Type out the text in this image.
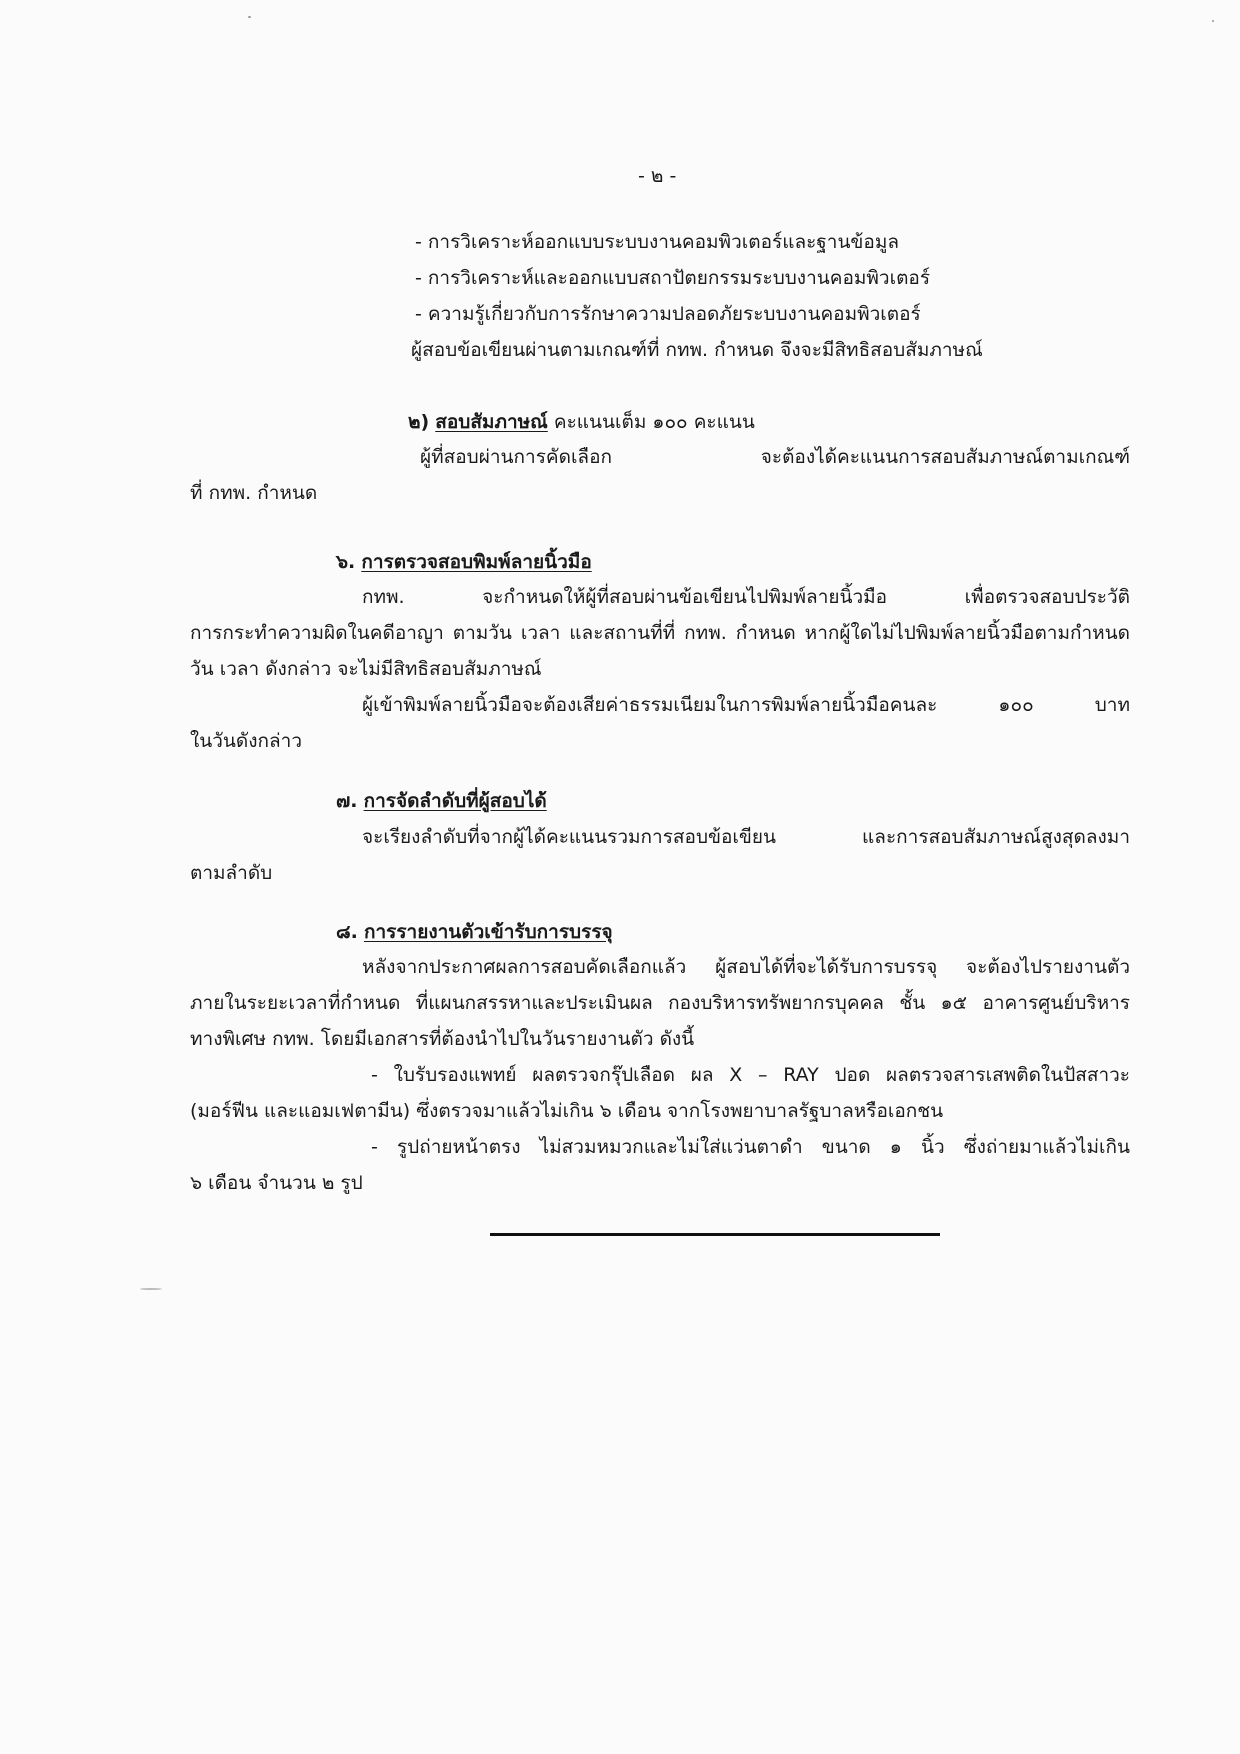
- ๒ -
- การวิเคราะห์ออกแบบระบบงานคอมพิวเตอร์และฐานข้อมูล
- การวิเคราะห์และออกแบบสถาปัตยกรรมระบบงานคอมพิวเตอร์
- ความรู้เกี่ยวกับการรักษาความปลอดภัยระบบงานคอมพิวเตอร์
ผู้สอบข้อเขียนผ่านตามเกณฑ์ที่ กทพ. กำหนด จึงจะมีสิทธิสอบสัมภาษณ์
๒) สอบสัมภาษณ์ คะแนนเต็ม ๑๐๐ คะแนน
ผู้ที่สอบผ่านการคัดเลือก จะต้องได้คะแนนการสอบสัมภาษณ์ตามเกณฑ์
ที่ กทพ. กำหนด
๖. การตรวจสอบพิมพ์ลายนิ้วมือ
กทพ. จะกำหนดให้ผู้ที่สอบผ่านข้อเขียนไปพิมพ์ลายนิ้วมือ เพื่อตรวจสอบประวัติ
การกระทำความผิดในคดีอาญา ตามวัน เวลา และสถานที่ที่ กทพ. กำหนด หากผู้ใดไม่ไปพิมพ์ลายนิ้วมือตามกำหนด
วัน เวลา ดังกล่าว จะไม่มีสิทธิสอบสัมภาษณ์
ผู้เข้าพิมพ์ลายนิ้วมือจะต้องเสียค่าธรรมเนียมในการพิมพ์ลายนิ้วมือคนละ ๑๐๐ บาท
ในวันดังกล่าว
๗. การจัดลำดับที่ผู้สอบได้
จะเรียงลำดับที่จากผู้ได้คะแนนรวมการสอบข้อเขียน และการสอบสัมภาษณ์สูงสุดลงมา
ตามลำดับ
๘. การรายงานตัวเข้ารับการบรรจุ
หลังจากประกาศผลการสอบคัดเลือกแล้ว ผู้สอบได้ที่จะได้รับการบรรจุ จะต้องไปรายงานตัว
ภายในระยะเวลาที่กำหนด ที่แผนกสรรหาและประเมินผล กองบริหารทรัพยากรบุคคล ชั้น ๑๕ อาคารศูนย์บริหาร
ทางพิเศษ กทพ. โดยมีเอกสารที่ต้องนำไปในวันรายงานตัว ดังนี้
- ใบรับรองแพทย์ ผลตรวจกรุ๊ปเลือด ผล X – RAY ปอด ผลตรวจสารเสพติดในปัสสาวะ
(มอร์ฟีน และแอมเฟตามีน) ซึ่งตรวจมาแล้วไม่เกิน ๖ เดือน จากโรงพยาบาลรัฐบาลหรือเอกชน
- รูปถ่ายหน้าตรง ไม่สวมหมวกและไม่ใส่แว่นตาดำ ขนาด ๑ นิ้ว ซึ่งถ่ายมาแล้วไม่เกิน
๖ เดือน จำนวน ๒ รูป
